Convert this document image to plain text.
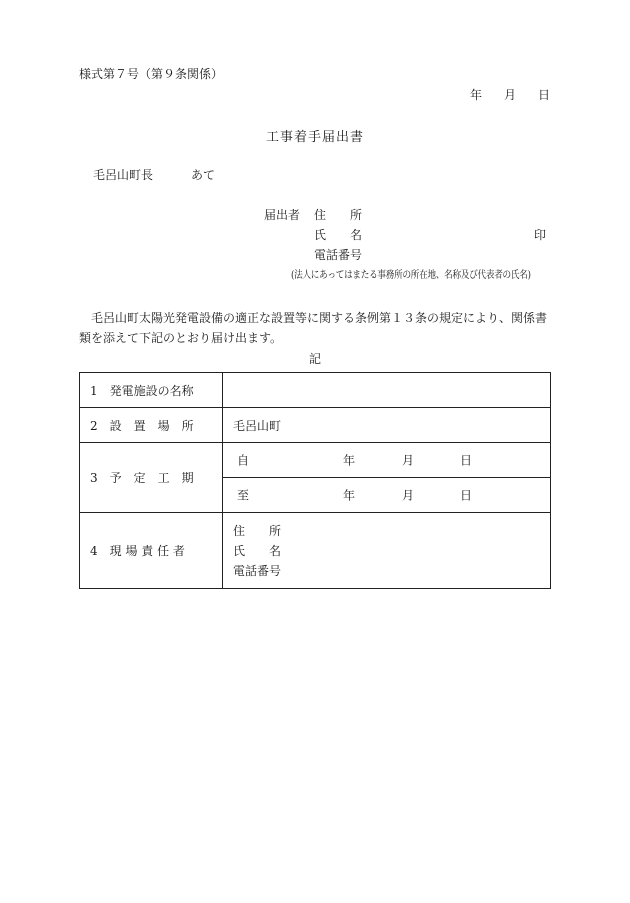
様式第７号（第９条関係）
年 月 日
工事着手届出書
毛呂山町長	あて
届出者 住　　所
氏　　名
電話番号
印
(法人にあってはまたる事務所の所在地、名称及び代表者の氏名)
毛呂山町太陽光発電設備の適正な設置等に関する条例第１３条の規定により、関係書類を添えて下記のとおり届け出ます。
記
1　発電施設の名称	
2　設　置　場　所	毛呂山町
3　予　定　工　期	自 年 月 日

	至 年 月 日

4　現 場 責 任 者	住　　所
氏　　名
電話番号
